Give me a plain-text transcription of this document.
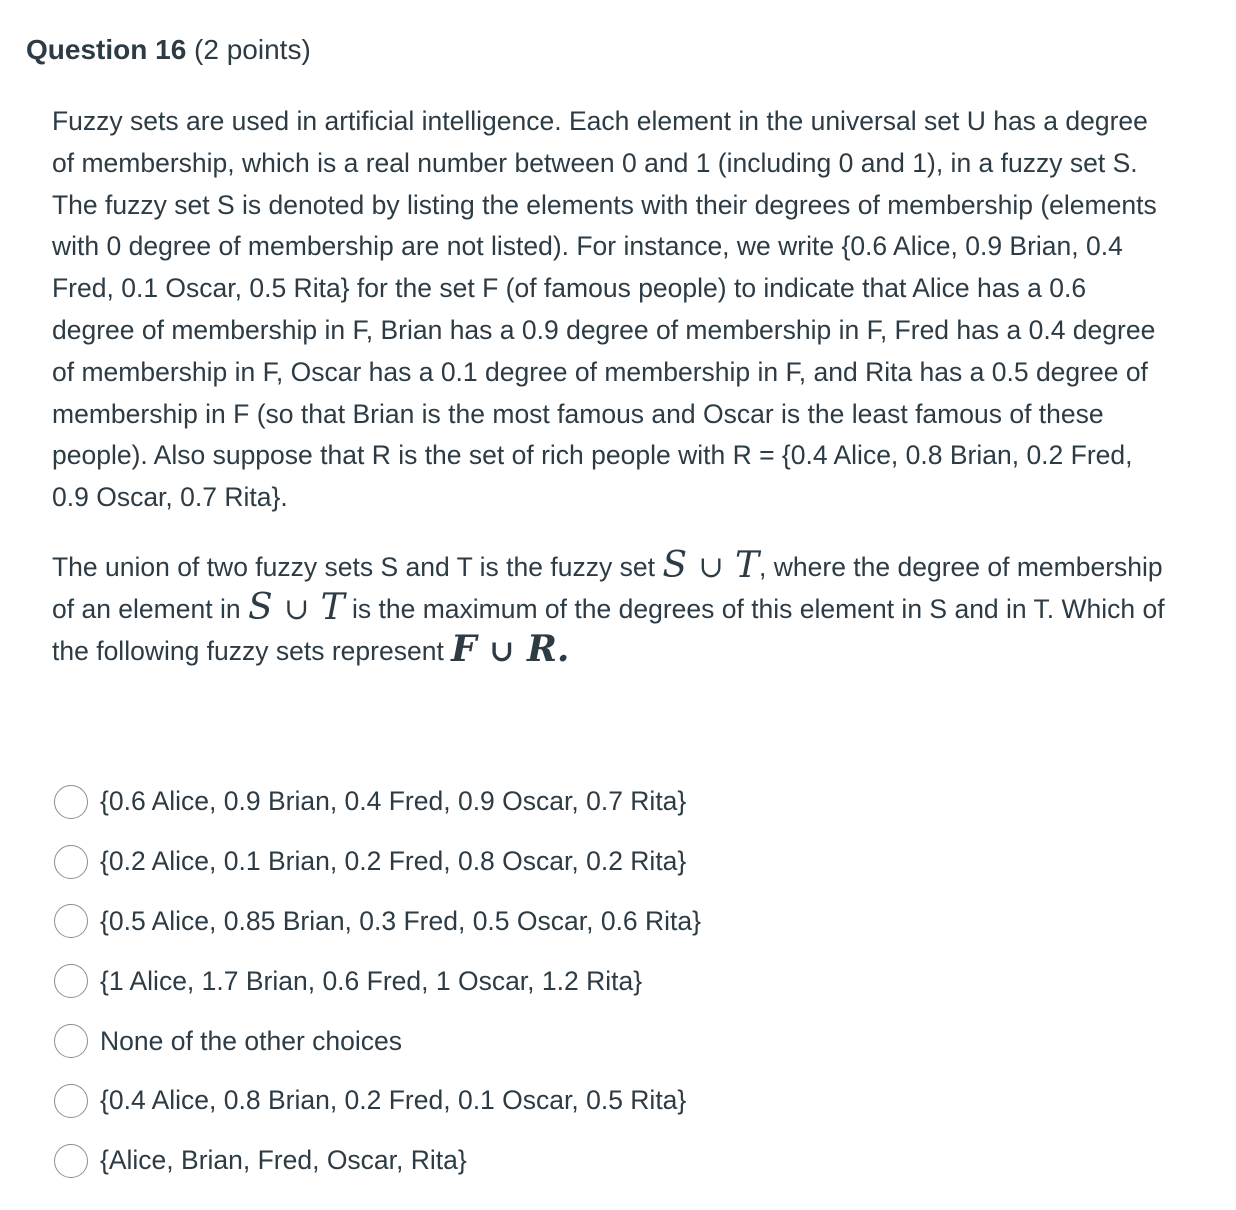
Question 16 (2 points)

Fuzzy sets are used in artificial intelligence. Each element in the universal set U has a degree of membership, which is a real number between 0 and 1 (including 0 and 1), in a fuzzy set S. The fuzzy set S is denoted by listing the elements with their degrees of membership (elements with 0 degree of membership are not listed). For instance, we write {0.6 Alice, 0.9 Brian, 0.4 Fred, 0.1 Oscar, 0.5 Rita} for the set F (of famous people) to indicate that Alice has a 0.6 degree of membership in F, Brian has a 0.9 degree of membership in F, Fred has a 0.4 degree of membership in F, Oscar has a 0.1 degree of membership in F, and Rita has a 0.5 degree of membership in F (so that Brian is the most famous and Oscar is the least famous of these people). Also suppose that R is the set of rich people with R = {0.4 Alice, 0.8 Brian, 0.2 Fred, 0.9 Oscar, 0.7 Rita}.

The union of two fuzzy sets S and T is the fuzzy set S ∪ T, where the degree of membership of an element in S ∪ T is the maximum of the degrees of this element in S and in T. Which of the following fuzzy sets represent F ∪ R.

{0.6 Alice, 0.9 Brian, 0.4 Fred, 0.9 Oscar, 0.7 Rita}
{0.2 Alice, 0.1 Brian, 0.2 Fred, 0.8 Oscar, 0.2 Rita}
{0.5 Alice, 0.85 Brian, 0.3 Fred, 0.5 Oscar, 0.6 Rita}
{1 Alice, 1.7 Brian, 0.6 Fred, 1 Oscar, 1.2 Rita}
None of the other choices
{0.4 Alice, 0.8 Brian, 0.2 Fred, 0.1 Oscar, 0.5 Rita}
{Alice, Brian, Fred, Oscar, Rita}
